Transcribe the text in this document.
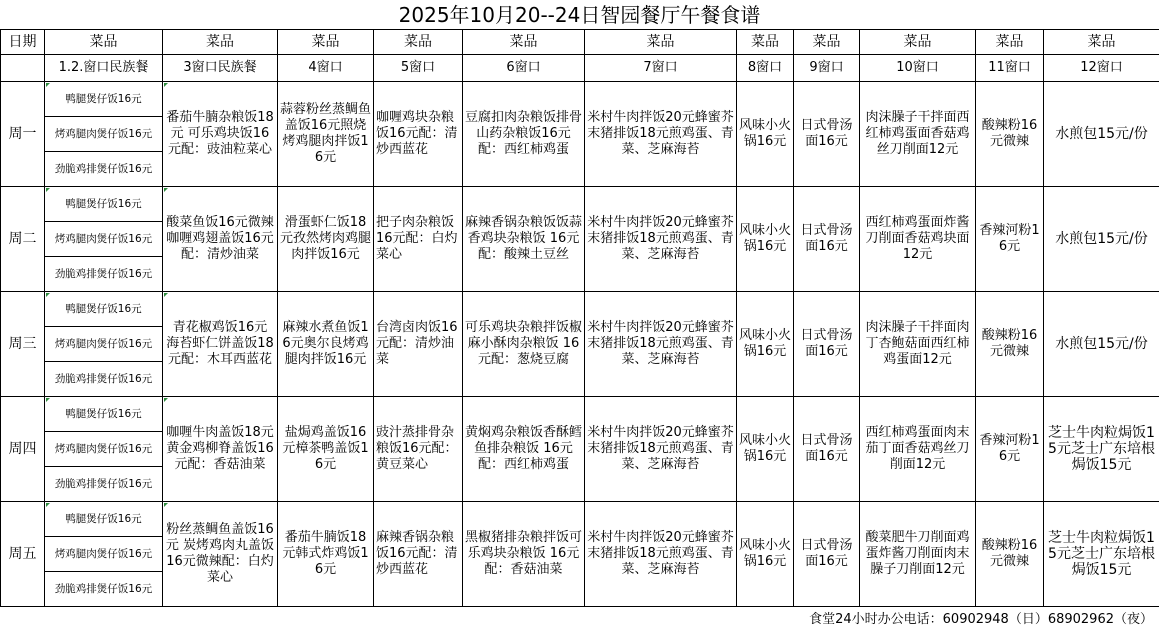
2025年10月20--24日智园餐厅午餐食谱
日期	菜品	菜品	菜品	菜品	菜品	菜品	菜品	菜品	菜品	菜品	菜品
	1.2.窗口民族餐	3窗口民族餐	4窗口	5窗口	6窗口	7窗口	8窗口	9窗口	10窗口	11窗口	12窗口
周一	鸭腿煲仔饭16元	番茄牛腩杂粮饭18元 可乐鸡块饭16元配：豉油粒菜心	蒜蓉粉丝蒸鲷鱼盖饭16元照烧烤鸡腿肉拌饭16元	咖喱鸡块杂粮饭16元配：清炒西蓝花	豆腐扣肉杂粮饭排骨山药杂粮饭16元配：西红柿鸡蛋	米村牛肉拌饭20元蜂蜜芥末猪排饭18元煎鸡蛋、青菜、芝麻海苔	风味小火锅16元	日式骨汤面16元	肉沫臊子干拌面西红柿鸡蛋面香菇鸡丝刀削面12元	酸辣粉16元微辣	水煎包15元/份
	烤鸡腿肉煲仔饭16元										
	劲脆鸡排煲仔饭16元										
周二	鸭腿煲仔饭16元	酸菜鱼饭16元微辣咖喱鸡翅盖饭16元配：清炒油菜	滑蛋虾仁饭18元孜然烤肉鸡腿肉拌饭16元	把子肉杂粮饭16元配：白灼菜心	麻辣香锅杂粮饭饭蒜香鸡块杂粮饭 16元配：酸辣土豆丝	米村牛肉拌饭20元蜂蜜芥末猪排饭18元煎鸡蛋、青菜、芝麻海苔	风味小火锅16元	日式骨汤面16元	西红柿鸡蛋面炸酱刀削面香菇鸡块面12元	香辣河粉16元	水煎包15元/份
	烤鸡腿肉煲仔饭16元										
	劲脆鸡排煲仔饭16元										
周三	鸭腿煲仔饭16元	青花椒鸡饭16元 海苔虾仁饼盖饭18元配：木耳西蓝花	麻辣水煮鱼饭16元奥尔良烤鸡腿肉拌饭16元	台湾卤肉饭16元配：清炒油菜	可乐鸡块杂粮拌饭椒麻小酥肉杂粮饭 16元配：葱烧豆腐	米村牛肉拌饭20元蜂蜜芥末猪排饭18元煎鸡蛋、青菜、芝麻海苔	风味小火锅16元	日式骨汤面16元	肉沫臊子干拌面肉丁杏鲍菇面西红柿鸡蛋面12元	酸辣粉16元微辣	水煎包15元/份
	烤鸡腿肉煲仔饭16元										
	劲脆鸡排煲仔饭16元										
周四	鸭腿煲仔饭16元	咖喱牛肉盖饭18元黄金鸡柳脊盖饭16元配：香菇油菜	盐焗鸡盖饭16元樟茶鸭盖饭16元	豉汁蒸排骨杂粮饭16元配：黄豆菜心	黄焖鸡杂粮饭香酥鳕鱼排杂粮饭 16元配：西红柿鸡蛋	米村牛肉拌饭20元蜂蜜芥末猪排饭18元煎鸡蛋、青菜、芝麻海苔	风味小火锅16元	日式骨汤面16元	西红柿鸡蛋面肉末茄丁面香菇鸡丝刀削面12元	香辣河粉16元	芝士牛肉粒焗饭15元芝士广东培根焗饭15元
	烤鸡腿肉煲仔饭16元										
	劲脆鸡排煲仔饭16元										
周五	鸭腿煲仔饭16元	粉丝蒸鲷鱼盖饭16元 炭烤鸡肉丸盖饭16元微辣配：白灼菜心	番茄牛腩饭18元韩式炸鸡饭16元	麻辣香锅杂粮饭16元配：清炒西蓝花	黑椒猪排杂粮拌饭可乐鸡块杂粮饭 16元配：香菇油菜	米村牛肉拌饭20元蜂蜜芥末猪排饭18元煎鸡蛋、青菜、芝麻海苔	风味小火锅16元	日式骨汤面16元	酸菜肥牛刀削面鸡蛋炸酱刀削面肉末臊子刀削面12元	酸辣粉16元微辣	芝士牛肉粒焗饭15元芝士广东培根焗饭15元
	烤鸡腿肉煲仔饭16元										
	劲脆鸡排煲仔饭16元										
食堂24小时办公电话：60902948（日）68902962（夜）
